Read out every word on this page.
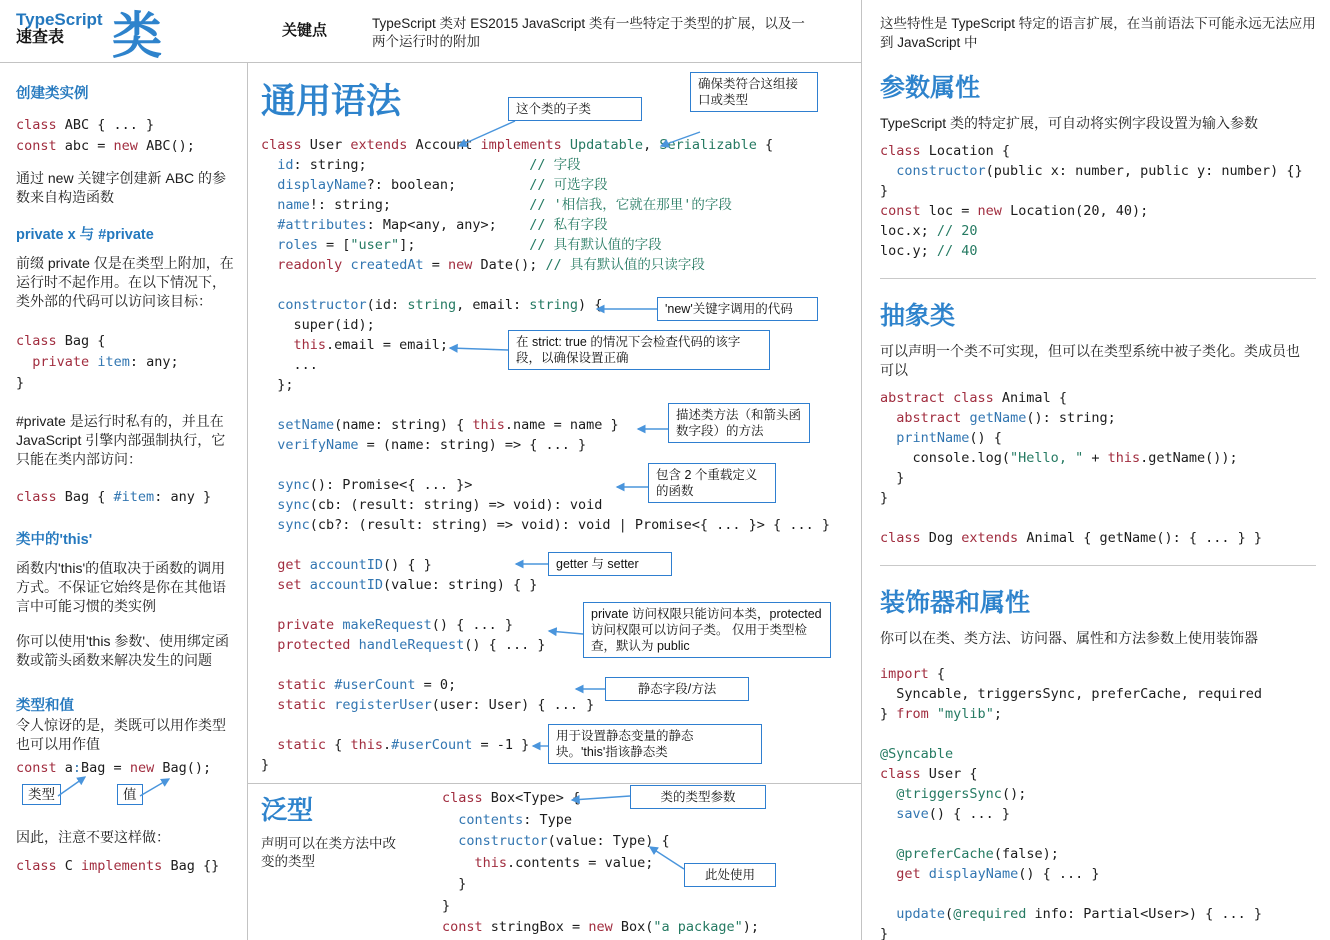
TypeScript
速查表 类
创建类实例
class ABC { ... }
const abc = new ABC();

通过 new 关键字创建新 ABC 的参数来自构造函数

private x 与 #private

前缀 private 仅是在类型上附加，在运行时不起作用。在以下情况下，类外部的代码可以访问该目标：

class Bag {
private item: any;
}

#private 是运行时私有的，并且在 JavaScript 引擎内部强制执行，它只能在类内部访问：

class Bag { #item: any }
类中的'this'

函数内'this'的值取决于函数的调用方式。不保证它始终是你在其他语言中可能习惯的类实例

你可以使用'this 参数'、使用绑定函数或箭头函数来解决发生的问题

类型和值

令人惊讶的是，类既可以用作类型也可以用作值

const a:Bag = new Bag();
类型	值

因此，注意不要这样做：

class C implements Bag {}
关键点	TypeScript 类对 ES2015 JavaScript 类有一些特定于类型的扩展，以及一两个运行时的附加
通用语法
class User extends Account implements Updatable, Serializable {
id: string;                    // 字段
displayName?: boolean;         // 可选字段
name!: string;                 // '相信我，它就在那里'的字段
#attributes: Map<any, any>;    // 私有字段
roles = ["user"];              // 具有默认值的字段
readonly createdAt = new Date(); // 具有默认值的只读字段

constructor(id: string, email: string) {
super(id);
this.email = email;
...
};

setName(name: string) { this.name = name }
verifyName = (name: string) => { ... }

sync(): Promise<{ ... }>
sync(cb: (result: string) => void): void
sync(cb?: (result: string) => void): void | Promise<{ ... }> { ... }

get accountID() { }
set accountID(value: string) { }

private makeRequest() { ... }
protected handleRequest() { ... }

static #userCount = 0;
static registerUser(user: User) { ... }

static { this.#userCount = -1 }
}
这个类的子类
确保类符合这组接口或类型
'new'关键字调用的代码
在 strict: true 的情况下会检查代码的该字段，以确保设置正确
描述类方法（和箭头函数字段）的方法
包含 2 个重载定义的函数
getter 与 setter
private 访问权限只能访问本类，protected 访问权限可以访问子类。 仅用于类型检查，默认为 public
静态字段/方法
用于设置静态变量的静态块。'this'指该静态类
类的类型参数
此处使用
泛型
声明可以在类方法中改变的类型
class Box<Type> {
contents: Type
constructor(value: Type) {
this.contents = value;
}
}
const stringBox = new Box("a package");

这些特性是 TypeScript 特定的语言扩展，在当前语法下可能永远无法应用到 JavaScript 中

参数属性

TypeScript 类的特定扩展，可自动将实例字段设置为输入参数

class Location {
constructor(public x: number, public y: number) {}
}
const loc = new Location(20, 40);
loc.x; // 20
loc.y; // 40
抽象类

可以声明一个类不可实现，但可以在类型系统中被子类化。类成员也可以

abstract class Animal {
abstract getName(): string;
printName() {
console.log("Hello, " + this.getName());
}
}

class Dog extends Animal { getName(): { ... } }
装饰器和属性

你可以在类、类方法、访问器、属性和方法参数上使用装饰器

import {
Syncable, triggersSync, preferCache, required
} from "mylib";

@Syncable
class User {
@triggersSync();
save() { ... }

@preferCache(false);
get displayName() { ... }

update(@required info: Partial<User>) { ... }
}
